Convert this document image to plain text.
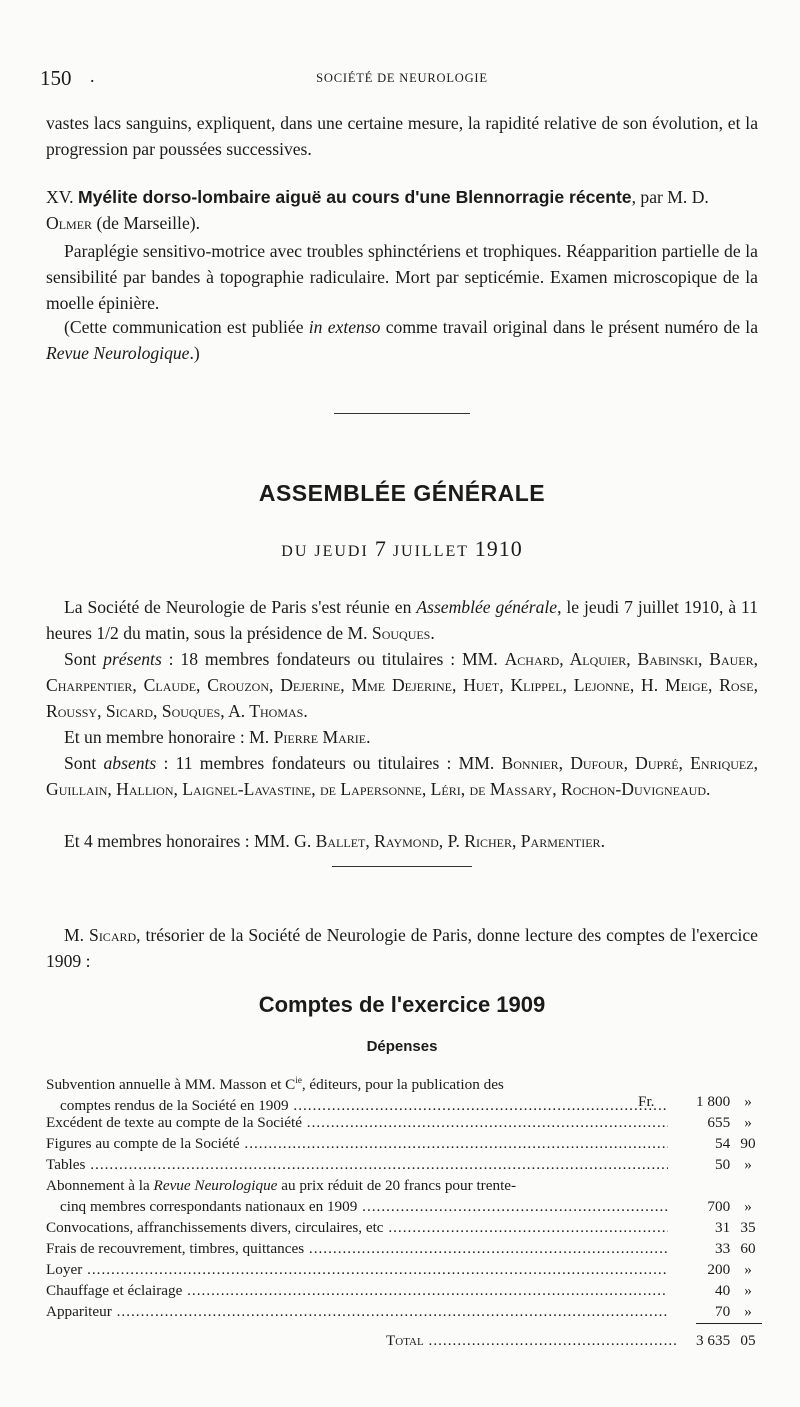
150 .	SOCIÉTÉ DE NEUROLOGIE

vastes lacs sanguins, expliquent, dans une certaine mesure, la rapidité relative de son évolution, et la progression par poussées successives.

XV. Myélite dorso-lombaire aiguë au cours d'une Blennorragie récente, par M. D. Olmer (de Marseille).

Paraplégie sensitivo-motrice avec troubles sphinctériens et trophiques. Réapparition partielle de la sensibilité par bandes à topographie radiculaire. Mort par septicémie. Examen microscopique de la moelle épinière.

(Cette communication est publiée in extenso comme travail original dans le présent numéro de la Revue Neurologique.)

ASSEMBLÉE GÉNÉRALE
DU JEUDI 7 JUILLET 1910

La Société de Neurologie de Paris s'est réunie en Assemblée générale, le jeudi 7 juillet 1910, à 11 heures 1/2 du matin, sous la présidence de M. Souques.

Sont présents : 18 membres fondateurs ou titulaires : MM. Achard, Alquier, Babinski, Bauer, Charpentier, Claude, Crouzon, Dejerine, Mme Dejerine, Huet, Klippel, Lejonne, H. Meige, Rose, Roussy, Sicard, Souques, A. Thomas.

Et un membre honoraire : M. Pierre Marie.

Sont absents : 11 membres fondateurs ou titulaires : MM. Bonnier, Dufour, Dupré, Enriquez, Guillain, Hallion, Laignel-Lavastine, de Lapersonne, Léri, de Massary, Rochon-Duvigneaud.

Et 4 membres honoraires : MM. G. Ballet, Raymond, P. Richer, Parmentier.

M. Sicard, trésorier de la Société de Neurologie de Paris, donne lecture des comptes de l'exercice 1909 :

Comptes de l'exercice 1909
Dépenses
Subvention annuelle à MM. Masson et $C^{ie}$, éditeurs, pour la publication des
comptes rendus de la Société en 1909 .....	Fr.	1 800 »
Excédent de texte au compte de la Société .....	655 »
Figures au compte de la Société .....	54 90
Tables .....	50 »
Abonnement à la Revue Neurologique au prix réduit de 20 francs pour trente-
cinq membres correspondants nationaux en 1909 .....	700 »
Convocations, affranchissements divers, circulaires, etc .....	31 35
Frais de recouvrement, timbres, quittances .....	33 60
Loyer .....	200 »
Chauffage et éclairage .....	40 »
Appariteur .....	70 »
Total .....	3 635 05
